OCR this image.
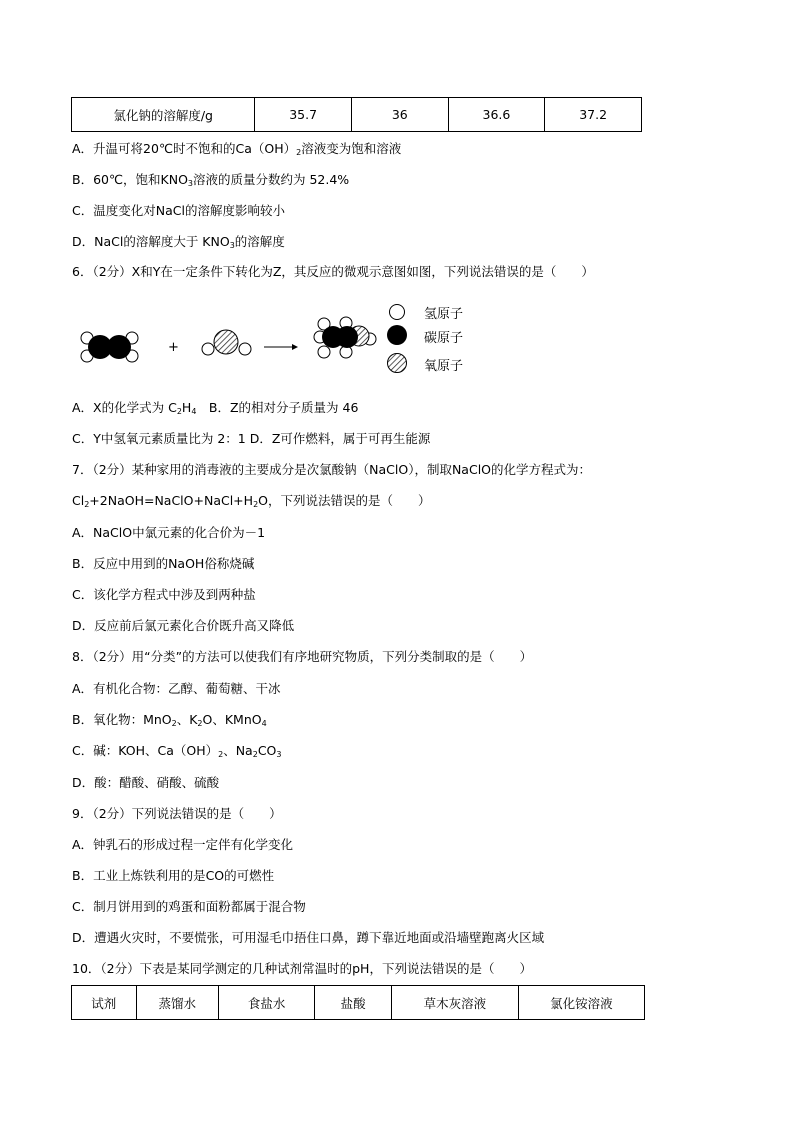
氯化钠的溶解度/g	35.7	36	36.6	37.2
A．升温可将20℃时不饱和的$Ca(OH)_2$溶液变为饱和溶液
B．60℃，饱和$KNO_3$溶液的质量分数约为 52.4%
C．温度变化对NaCl的溶解度影响较小
D．NaCl的溶解度大于 $KNO_3$的溶解度
6．（2分）X和Y在一定条件下转化为Z，其反应的微观示意图如图，下列说法错误的是（　　）
+
氢原子
碳原子
氧原子
A．X的化学式为 $C_2H_4$　B．Z的相对分子质量为 46
C．Y中氢氧元素质量比为 2：1 D．Z可作燃料，属于可再生能源
7．（2分）某种家用的消毒液的主要成分是次氯酸钠（NaClO），制取NaClO的化学方程式为：
$Cl_2+2NaOH=NaClO+NaCl+H_2O$，下列说法错误的是（　　）
A．NaClO中氯元素的化合价为－1
B．反应中用到的NaOH俗称烧碱
C．该化学方程式中涉及到两种盐
D．反应前后氯元素化合价既升高又降低
8．（2分）用“分类”的方法可以使我们有序地研究物质，下列分类制取的是（　　）
A．有机化合物：乙醇、葡萄糖、干冰
B．氧化物：MnO$_2$、$K_2O$、KMnO$_4$
C．碱：KOH、$Ca(OH)_2$、$Na_2CO_3$
D．酸：醋酸、硝酸、硫酸
9．（2分）下列说法错误的是（　　）
A．钟乳石的形成过程一定伴有化学变化
B．工业上炼铁利用的是CO的可燃性
C．制月饼用到的鸡蛋和面粉都属于混合物
D．遭遇火灾时，不要慌张，可用湿毛巾捂住口鼻，蹲下靠近地面或沿墙壁跑离火区域
10．（2分）下表是某同学测定的几种试剂常温时的pH，下列说法错误的是（　　）
试剂	蒸馏水	食盐水	盐酸	草木灰溶液	氯化铵溶液
